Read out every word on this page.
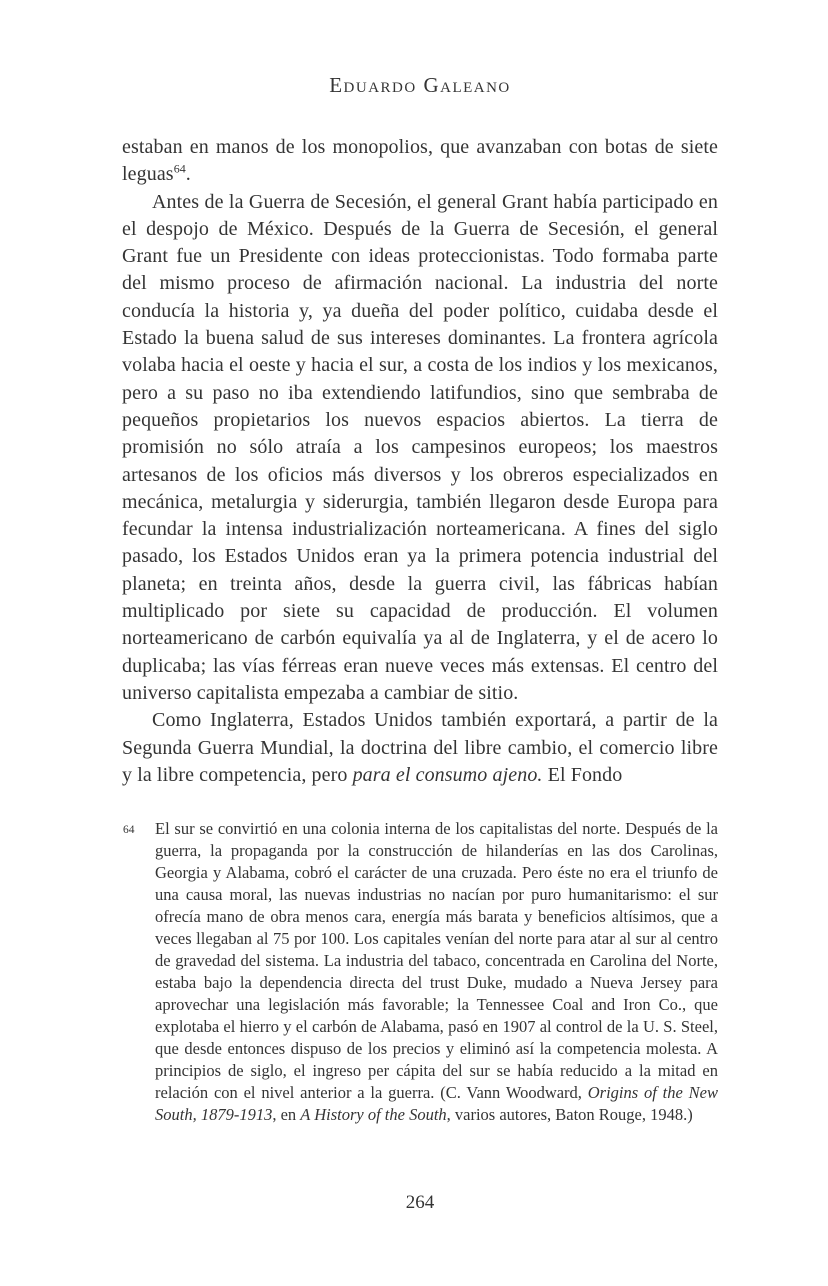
Eduardo Galeano

estaban en manos de los monopolios, que avanzaban con botas de siete leguas$^{64}$.

Antes de la Guerra de Secesión, el general Grant había participado en el despojo de México. Después de la Guerra de Secesión, el general Grant fue un Presidente con ideas proteccionistas. Todo formaba parte del mismo proceso de afirmación nacional. La industria del norte conducía la historia y, ya dueña del poder político, cuidaba desde el Estado la buena salud de sus intereses dominantes. La frontera agrícola volaba hacia el oeste y hacia el sur, a costa de los indios y los mexicanos, pero a su paso no iba extendiendo latifundios, sino que sembraba de pequeños propietarios los nuevos espacios abiertos. La tierra de promisión no sólo atraía a los campesinos europeos; los maestros artesanos de los oficios más diversos y los obreros especializados en mecánica, metalurgia y siderurgia, también llegaron desde Europa para fecundar la intensa industrialización norteamericana. A fines del siglo pasado, los Estados Unidos eran ya la primera potencia industrial del planeta; en treinta años, desde la guerra civil, las fábricas habían multiplicado por siete su capacidad de producción. El volumen norteamericano de carbón equivalía ya al de Inglaterra, y el de acero lo duplicaba; las vías férreas eran nueve veces más extensas. El centro del universo capitalista empezaba a cambiar de sitio.

Como Inglaterra, Estados Unidos también exportará, a partir de la Segunda Guerra Mundial, la doctrina del libre cambio, el comercio libre y la libre competencia, pero para el consumo ajeno. El Fondo

64 El sur se convirtió en una colonia interna de los capitalistas del norte. Después de la guerra, la propaganda por la construcción de hilanderías en las dos Carolinas, Georgia y Alabama, cobró el carácter de una cruzada. Pero éste no era el triunfo de una causa moral, las nuevas industrias no nacían por puro humanitarismo: el sur ofrecía mano de obra menos cara, energía más barata y beneficios altísimos, que a veces llegaban al 75 por 100. Los capitales venían del norte para atar al sur al centro de gravedad del sistema. La industria del tabaco, concentrada en Carolina del Norte, estaba bajo la dependencia directa del trust Duke, mudado a Nueva Jersey para aprovechar una legislación más favorable; la Tennessee Coal and Iron Co., que explotaba el hierro y el carbón de Alabama, pasó en 1907 al control de la U. S. Steel, que desde entonces dispuso de los precios y eliminó así la competencia molesta. A principios de siglo, el ingreso per cápita del sur se había reducido a la mitad en relación con el nivel anterior a la guerra. (C. Vann Woodward, Origins of the New South, 1879-1913, en A History of the South, varios autores, Baton Rouge, 1948.)
264
